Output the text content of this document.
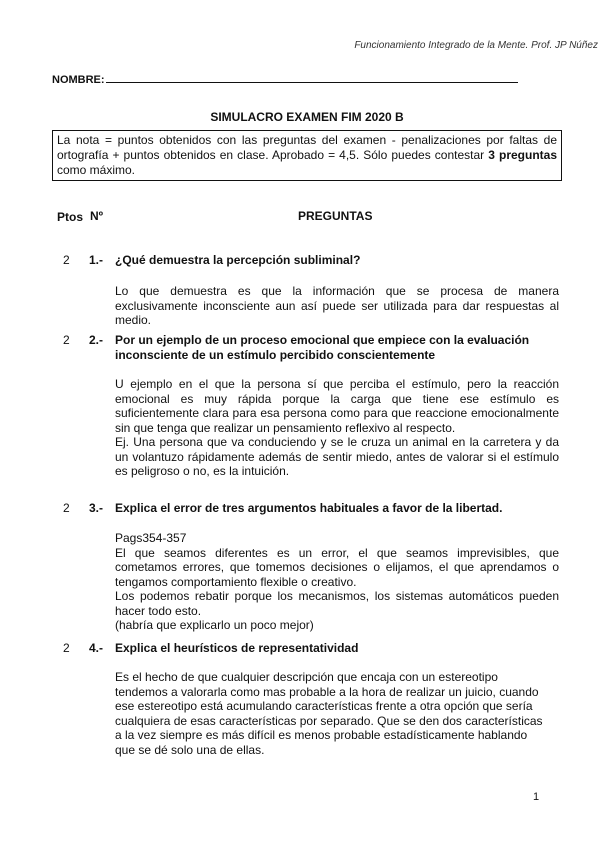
Funcionamiento Integrado de la Mente. Prof. JP Núñez
NOMBRE:
SIMULACRO EXAMEN FIM 2020 B
La nota = puntos obtenidos con las preguntas del examen - penalizaciones por faltas de ortografía + puntos obtenidos en clase. Aprobado = 4,5. Sólo puedes contestar 3 preguntas como máximo.
Ptos Nº	PREGUNTAS
2 1.- ¿Qué demuestra la percepción subliminal?

Lo que demuestra es que la información que se procesa de manera exclusivamente inconsciente aun así puede ser utilizada para dar respuestas al medio.

2 2.- Por un ejemplo de un proceso emocional que empiece con la evaluación inconsciente de un estímulo percibido conscientemente

U ejemplo en el que la persona sí que perciba el estímulo, pero la reacción emocional es muy rápida porque la carga que tiene ese estímulo es suficientemente clara para esa persona como para que reaccione emocionalmente sin que tenga que realizar un pensamiento reflexivo al respecto.

Ej. Una persona que va conduciendo y se le cruza un animal en la carretera y da un volantuzo rápidamente además de sentir miedo, antes de valorar si el estímulo es peligroso o no, es la intuición.

2 3.- Explica el error de tres argumentos habituales a favor de la libertad.

Pags354-357

El que seamos diferentes es un error, el que seamos imprevisibles, que cometamos errores, que tomemos decisiones o elijamos, el que aprendamos o tengamos comportamiento flexible o creativo.

Los podemos rebatir porque los mecanismos, los sistemas automáticos pueden hacer todo esto.

(habría que explicarlo un poco mejor)

2 4.- Explica el heurísticos de representatividad

Es el hecho de que cualquier descripción que encaja con un estereotipo tendemos a valorarla como mas probable a la hora de realizar un juicio, cuando ese estereotipo está acumulando características frente a otra opción que sería cualquiera de esas características por separado. Que se den dos características a la vez siempre es más difícil es menos probable estadísticamente hablando que se dé solo una de ellas.

1
